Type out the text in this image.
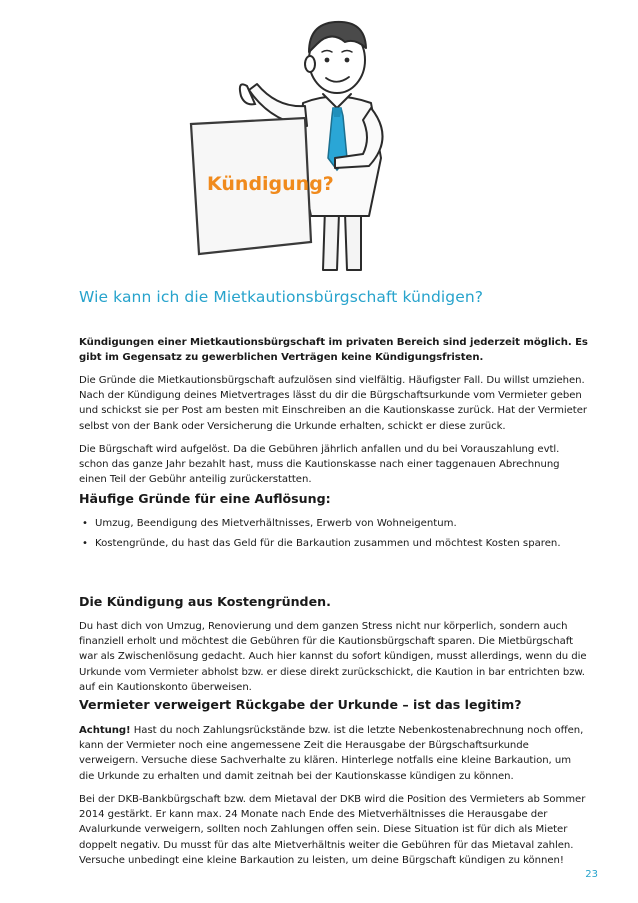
Kündigung?
Wie kann ich die Mietkautionsbürgschaft kündigen?

Kündigungen einer Mietkautionsbürgschaft im privaten Bereich sind jederzeit möglich. Es gibt im Gegensatz zu gewerblichen Verträgen keine Kündigungsfristen.

Die Gründe die Mietkautionsbürgschaft aufzulösen sind vielfältig. Häufigster Fall. Du willst umziehen. Nach der Kündigung deines Mietvertrages lässt du dir die Bürgschaftsurkunde vom Vermieter geben und schickst sie per Post am besten mit Einschreiben an die Kautionskasse zurück. Hat der Vermieter selbst von der Bank oder Versicherung die Urkunde erhalten, schickt er diese zurück.

Die Bürgschaft wird aufgelöst. Da die Gebühren jährlich anfallen und du bei Vorauszahlung evtl. schon das ganze Jahr bezahlt hast, muss die Kautionskasse nach einer taggenauen Abrechnung einen Teil der Gebühr anteilig zurückerstatten.

Häufige Gründe für eine Auflösung:
• Umzug, Beendigung des Mietverhältnisses, Erwerb von Wohneigentum.
• Kostengründe, du hast das Geld für die Barkaution zusammen und möchtest Kosten sparen.
Die Kündigung aus Kostengründen.

Du hast dich von Umzug, Renovierung und dem ganzen Stress nicht nur körperlich, sondern auch finanziell erholt und möchtest die Gebühren für die Kautionsbürgschaft sparen. Die Mietbürgschaft war als Zwischenlösung gedacht. Auch hier kannst du sofort kündigen, musst allerdings, wenn du die Urkunde vom Vermieter abholst bzw. er diese direkt zurückschickt, die Kaution in bar entrichten bzw. auf ein Kautionskonto überweisen.

Vermieter verweigert Rückgabe der Urkunde – ist das legitim?

Achtung! Hast du noch Zahlungsrückstände bzw. ist die letzte Nebenkostenabrechnung noch offen, kann der Vermieter noch eine angemessene Zeit die Herausgabe der Bürgschaftsurkunde verweigern. Versuche diese Sachverhalte zu klären. Hinterlege notfalls eine kleine Barkaution, um die Urkunde zu erhalten und damit zeitnah bei der Kautionskasse kündigen zu können.

Bei der DKB-Bankbürgschaft bzw. dem Mietaval der DKB wird die Position des Vermieters ab Sommer 2014 gestärkt. Er kann max. 24 Monate nach Ende des Mietverhältnisses die Herausgabe der Avalurkunde verweigern, sollten noch Zahlungen offen sein. Diese Situation ist für dich als Mieter doppelt negativ. Du musst für das alte Mietverhältnis weiter die Gebühren für das Mietaval zahlen. Versuche unbedingt eine kleine Barkaution zu leisten, um deine Bürgschaft kündigen zu können!

23
